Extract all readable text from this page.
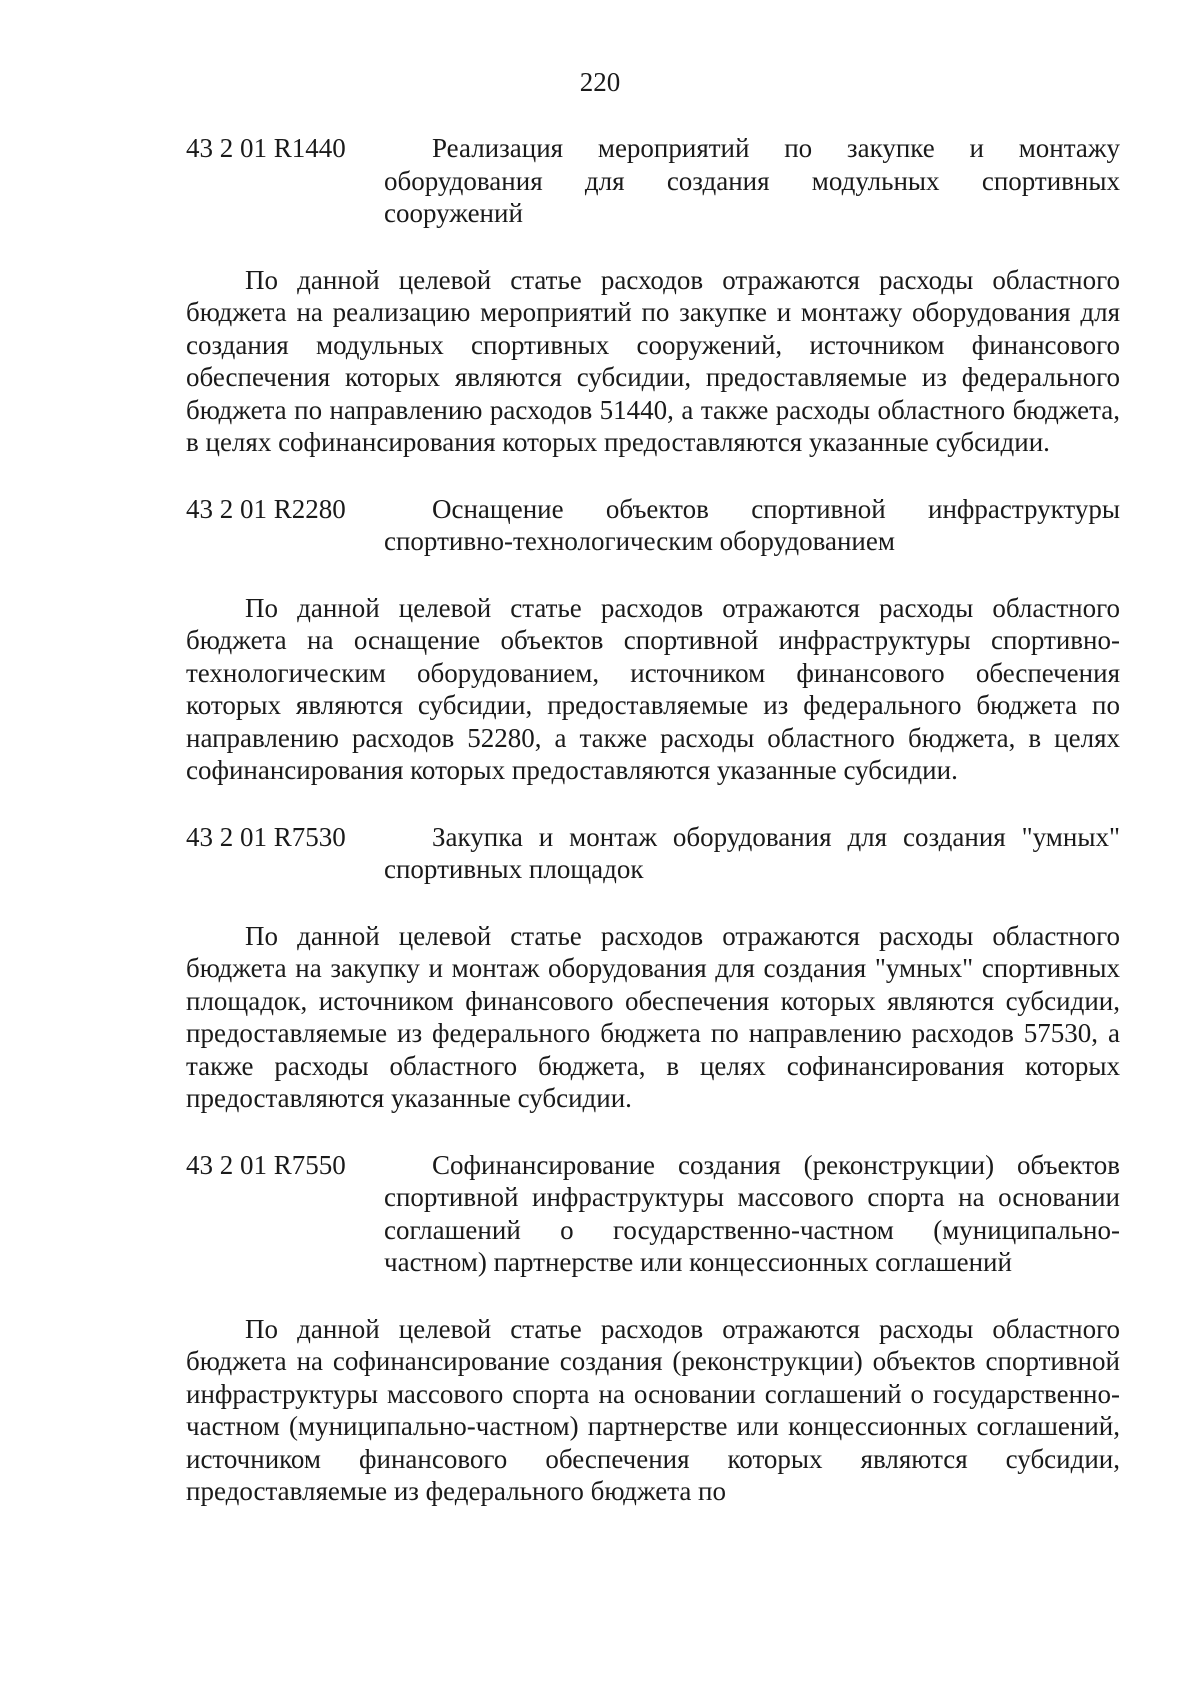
220
43 2 01 R1440	Реализация мероприятий по закупке и монтажу оборудования для создания модульных спортивных сооружений

По данной целевой статье расходов отражаются расходы областного бюджета на реализацию мероприятий по закупке и монтажу оборудования для создания модульных спортивных сооружений, источником финансового обеспечения которых являются субсидии, предоставляемые из федерального бюджета по направлению расходов 51440, а также расходы областного бюджета, в целях софинансирования которых предоставляются указанные субсидии.

43 2 01 R2280	Оснащение объектов спортивной инфраструктуры спортивно-технологическим оборудованием

По данной целевой статье расходов отражаются расходы областного бюджета на оснащение объектов спортивной инфраструктуры спортивно-технологическим оборудованием, источником финансового обеспечения которых являются субсидии, предоставляемые из федерального бюджета по направлению расходов 52280, а также расходы областного бюджета, в целях софинансирования которых предоставляются указанные субсидии.

43 2 01 R7530	Закупка и монтаж оборудования для создания "умных" спортивных площадок

По данной целевой статье расходов отражаются расходы областного бюджета на закупку и монтаж оборудования для создания "умных" спортивных площадок, источником финансового обеспечения которых являются субсидии, предоставляемые из федерального бюджета по направлению расходов 57530, а также расходы областного бюджета, в целях софинансирования которых предоставляются указанные субсидии.

43 2 01 R7550	Софинансирование создания (реконструкции) объектов спортивной инфраструктуры массового спорта на основании соглашений о государственно-частном (муниципально-частном) партнерстве или концессионных соглашений

По данной целевой статье расходов отражаются расходы областного бюджета на софинансирование создания (реконструкции) объектов спортивной инфраструктуры массового спорта на основании соглашений о государственно-частном (муниципально-частном) партнерстве или концессионных соглашений, источником финансового обеспечения которых являются субсидии, предоставляемые из федерального бюджета по
